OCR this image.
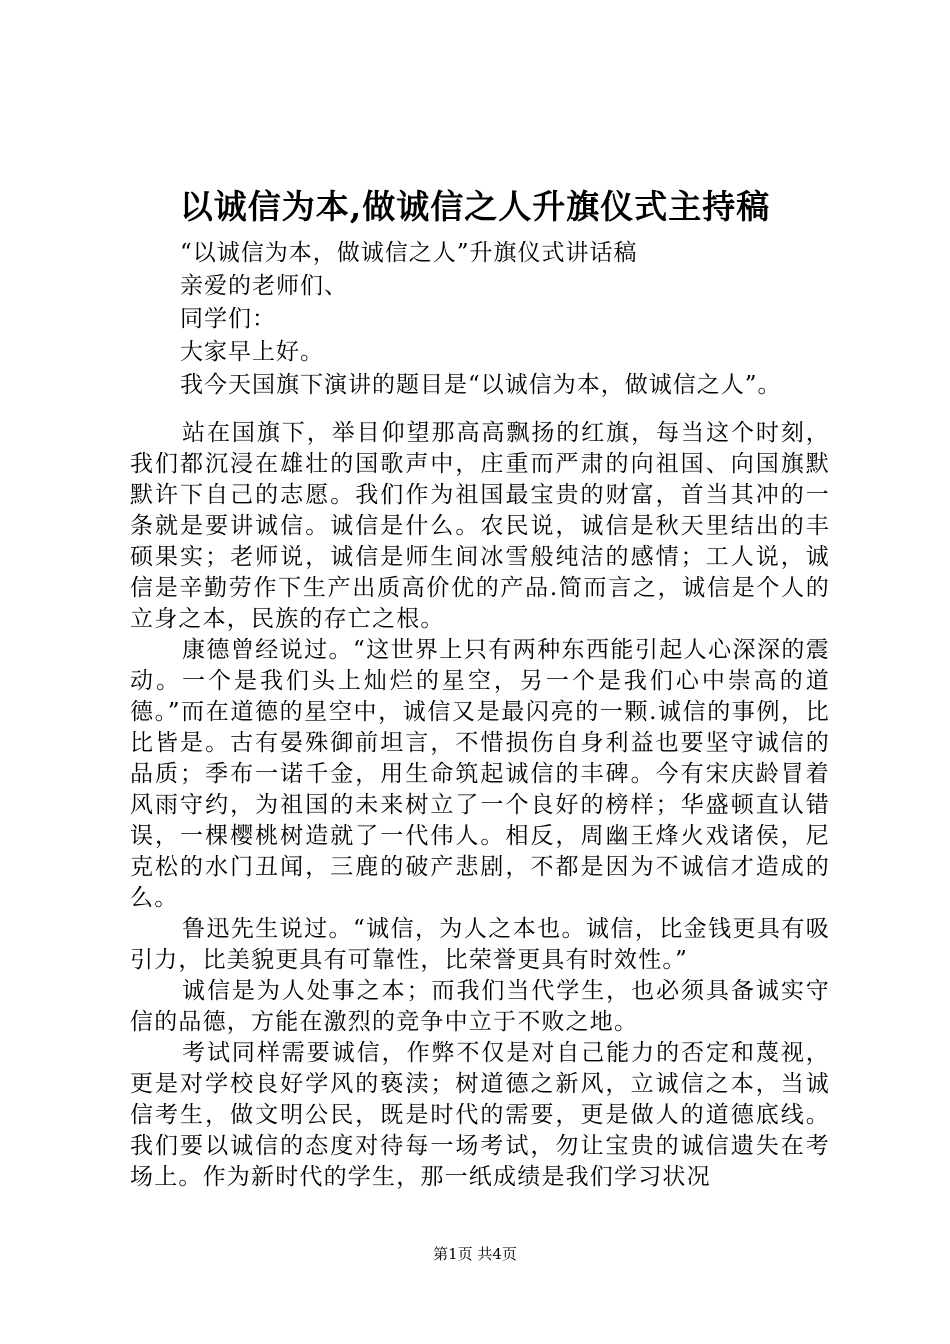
以诚信为本,做诚信之人升旗仪式主持稿
“以诚信为本，做诚信之人”升旗仪式讲话稿
亲爱的老师们、
同学们：
大家早上好。
我今天国旗下演讲的题目是“以诚信为本，做诚信之人”。

站在国旗下，举目仰望那高高飘扬的红旗，每当这个时刻，我们都沉浸在雄壮的国歌声中，庄重而严肃的向祖国、向国旗默默许下自己的志愿。我们作为祖国最宝贵的财富，首当其冲的一条就是要讲诚信。诚信是什么。农民说，诚信是秋天里结出的丰硕果实；老师说，诚信是师生间冰雪般纯洁的感情；工人说，诚信是辛勤劳作下生产出质高价优的产品.简而言之，诚信是个人的立身之本，民族的存亡之根。

康德曾经说过。“这世界上只有两种东西能引起人心深深的震动。一个是我们头上灿烂的星空，另一个是我们心中崇高的道德。”而在道德的星空中，诚信又是最闪亮的一颗.诚信的事例，比比皆是。古有晏殊御前坦言，不惜损伤自身利益也要坚守诚信的品质；季布一诺千金，用生命筑起诚信的丰碑。今有宋庆龄冒着风雨守约，为祖国的未来树立了一个良好的榜样；华盛顿直认错误，一棵樱桃树造就了一代伟人。相反，周幽王烽火戏诸侯，尼克松的水门丑闻，三鹿的破产悲剧，不都是因为不诚信才造成的么。

鲁迅先生说过。“诚信，为人之本也。诚信，比金钱更具有吸引力，比美貌更具有可靠性，比荣誉更具有时效性。”

诚信是为人处事之本；而我们当代学生，也必须具备诚实守信的品德，方能在激烈的竞争中立于不败之地。

考试同样需要诚信，作弊不仅是对自己能力的否定和蔑视，更是对学校良好学风的亵渎；树道德之新风，立诚信之本，当诚信考生，做文明公民，既是时代的需要，更是做人的道德底线。我们要以诚信的态度对待每一场考试，勿让宝贵的诚信遗失在考场上。作为新时代的学生，那一纸成绩是我们学习状况

第1页 共4页
